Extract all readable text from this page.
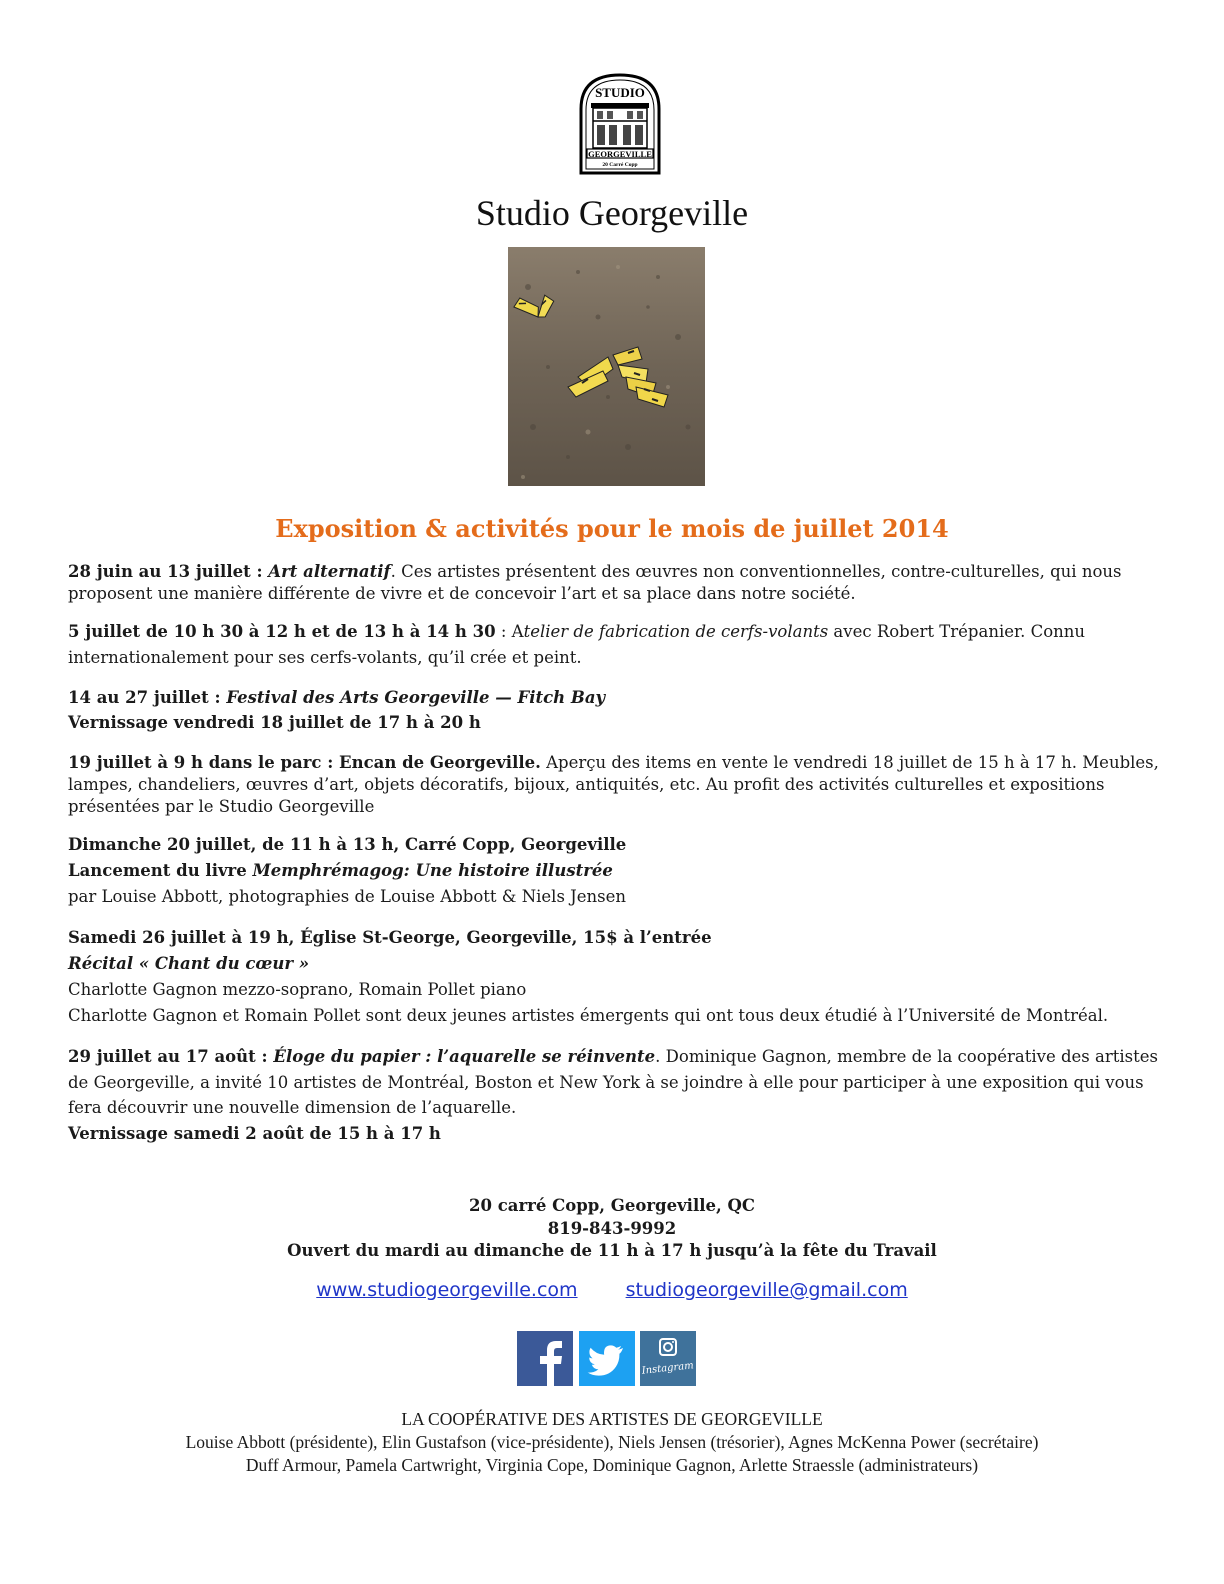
STUDIO
GEORGEVILLE
20 Carré Copp
Studio Georgeville
Exposition & activités pour le mois de juillet 2014

28 juin au 13 juillet : Art alternatif. Ces artistes présentent des œuvres non conventionnelles, contre-culturelles, qui nous proposent une manière différente de vivre et de concevoir l’art et sa place dans notre société.

5 juillet de 10 h 30 à 12 h et de 13 h à 14 h 30 : Atelier de fabrication de cerfs-volants avec Robert Trépanier. Connu internationalement pour ses cerfs-volants, qu’il crée et peint.

14 au 27 juillet : Festival des Arts Georgeville — Fitch Bay
Vernissage vendredi 18 juillet de 17 h à 20 h

19 juillet à 9 h dans le parc : Encan de Georgeville. Aperçu des items en vente le vendredi 18 juillet de 15 h à 17 h. Meubles, lampes, chandeliers, œuvres d’art, objets décoratifs, bijoux, antiquités, etc. Au profit des activités culturelles et expositions présentées par le Studio Georgeville

Dimanche 20 juillet, de 11 h à 13 h, Carré Copp, Georgeville
Lancement du livre Memphrémagog: Une histoire illustrée
par Louise Abbott, photographies de Louise Abbott & Niels Jensen

Samedi 26 juillet à 19 h, Église St-George, Georgeville, 15$ à l’entrée
Récital « Chant du cœur »
Charlotte Gagnon mezzo-soprano, Romain Pollet piano
Charlotte Gagnon et Romain Pollet sont deux jeunes artistes émergents qui ont tous deux étudié à l’Université de Montréal.

29 juillet au 17 août : Éloge du papier : l’aquarelle se réinvente. Dominique Gagnon, membre de la coopérative des artistes de Georgeville, a invité 10 artistes de Montréal, Boston et New York à se joindre à elle pour participer à une exposition qui vous fera découvrir une nouvelle dimension de l’aquarelle.
Vernissage samedi 2 août de 15 h à 17 h

20 carré Copp, Georgeville, QC
819-843-9992
Ouvert du mardi au dimanche de 11 h à 17 h jusqu’à la fête du Travail
www.studiogeorgeville.com	studiogeorgeville@gmail.com
Instagram
LA COOPÉRATIVE DES ARTISTES DE GEORGEVILLE
Louise Abbott (présidente), Elin Gustafson (vice-présidente), Niels Jensen (trésorier), Agnes McKenna Power (secrétaire)
Duff Armour, Pamela Cartwright, Virginia Cope, Dominique Gagnon, Arlette Straessle (administrateurs)
